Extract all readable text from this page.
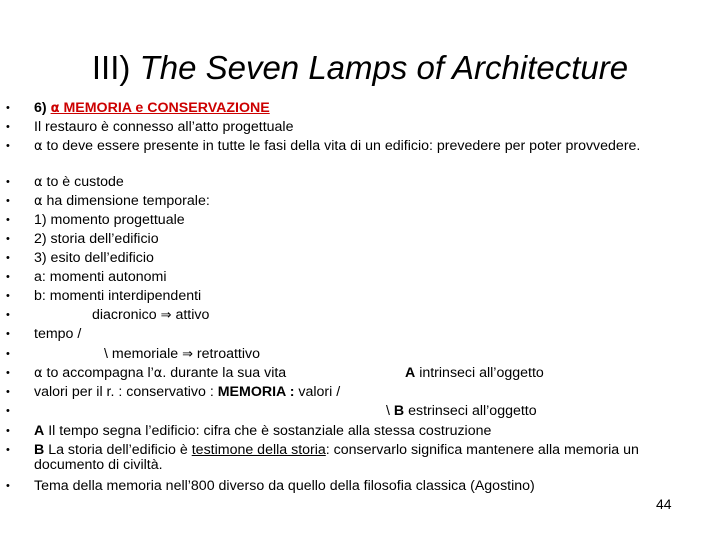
III) The Seven Lamps of Architecture
• 6) α MEMORIA e CONSERVAZIONE
• Il restauro è connesso all’atto progettuale
• α to deve essere presente in tutte le fasi della vita di un edificio: prevedere per poter provvedere.
• α to è custode
• α ha dimensione temporale:
• 1) momento progettuale
• 2) storia dell’edificio
• 3) esito dell’edificio
• a: momenti autonomi
• b: momenti interdipendenti
•	diacronico ⇒ attivo
• tempo /
•	\ memoriale ⇒ retroattivo
• α to accompagna l’α. durante la sua vita	A intrinseci all’oggetto
• valori per il r. : conservativo : MEMORIA : valori /
•	\ B estrinseci all’oggetto
• A Il tempo segna l’edificio: cifra che è sostanziale alla stessa costruzione
• B La storia dell’edificio è testimone della storia: conservarlo significa mantenere alla memoria un documento di civiltà.
• Tema della memoria nell’800 diverso da quello della filosofia classica (Agostino)
44
